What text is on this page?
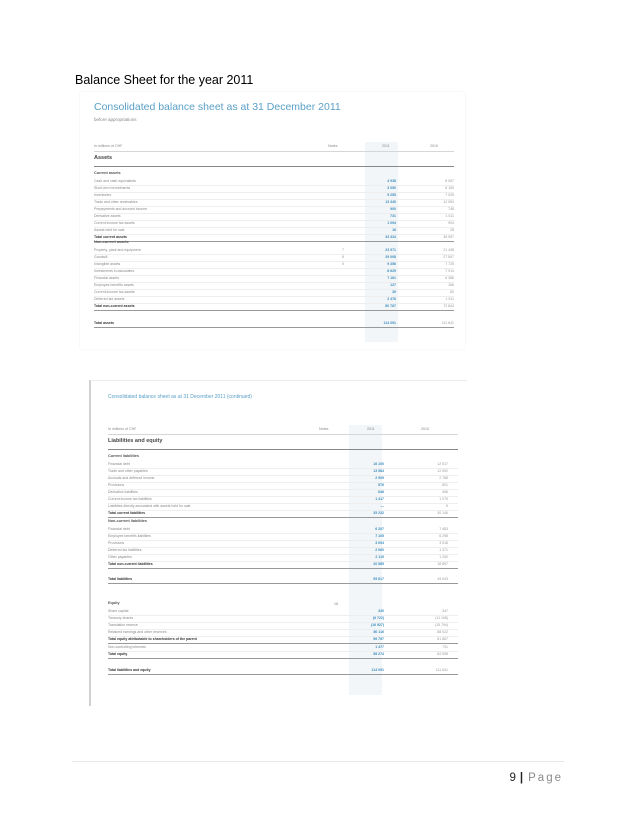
Balance Sheet for the year 2011
Consolidated balance sheet as at 31 December 2011
before appropriations
In millions of CHF	Notes	2011	2010
Assets
Current assets
Cash and cash equivalents	4 938	8 057
Short-term investments	3 050	8 169
Inventories	9 255	7 925
Trade and other receivables	13 340	12 083
Prepayments and accrued income	900	748
Derivative assets	731	1 011
Current income tax assets	1 094	904
Assets held for sale	16	28
Total current assets	33 324	38 997
Non-current assets
Property, plant and equipment	7	23 971	21 438
Goodwill	8	29 008	27 597
Intangible assets	9	9 356	7 726
Investments in associates	8 629	7 914
Financial assets	7 161	6 388
Employee benefits assets	127	166
Current income tax assets	39	60
Deferred tax assets	2 476	1 911
Total non-current assets	80 767	72 844
Total assets	114 091	111 641
Consolidated balance sheet as at 31 December 2011 (continued)
In millions of CHF	Notes	2011	2010
Liabilities and equity
Current liabilities
Financial debt	16 100	12 517
Trade and other payables	13 584	12 592
Accruals and deferred income	2 909	2 788
Provisions	576	501
Derivative liabilities	646	456
Current income tax liabilities	1 417	1 079
Liabilities directly associated with assets held for sale	—	5
Total current liabilities	35 232	30 146
Non-current liabilities
Financial debt	6 207	7 483
Employee benefits liabilities	7 105	6 298
Provisions	3 094	3 518
Deferred tax liabilities	2 060	1 371
Other payables	2 119	1 250
Total non-current liabilities	20 585	18 897
Total liabilities	55 817	49 043
Equity	18
Share capital	330	347
Treasury shares	(6 722)	(11 108)
Translation reserve	(16 927)	(15 794)
Retained earnings and other reserves	80 116	88 022
Total equity attributable to shareholders of the parent	56 797	61 867
Non-controlling interests	1 477	731
Total equity	58 274	62 598
Total liabilities and equity	114 091	111 641
9 | Page
